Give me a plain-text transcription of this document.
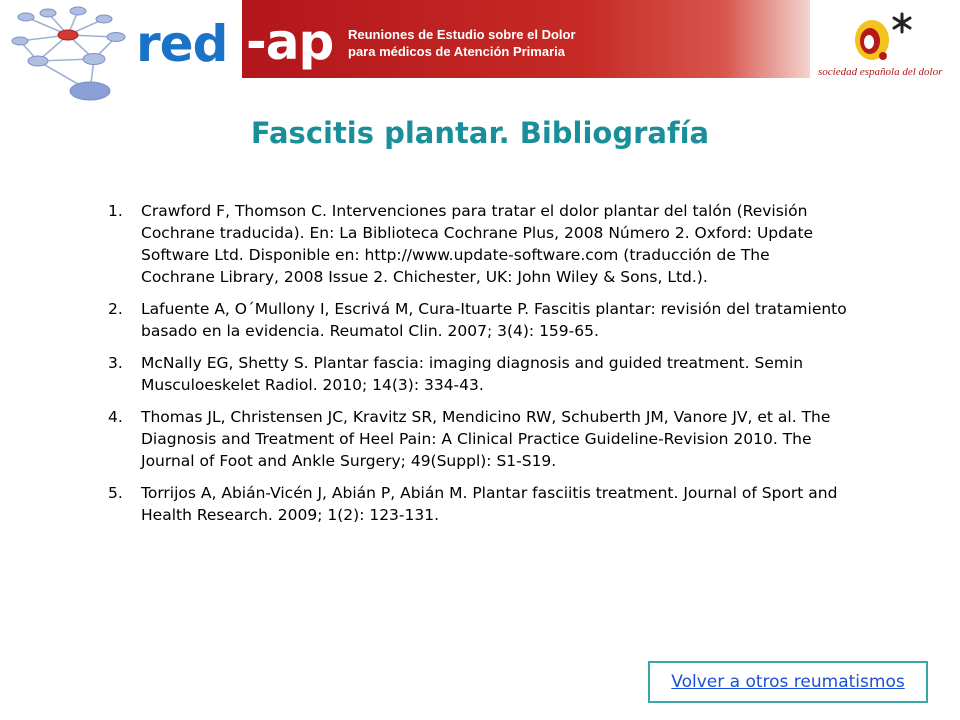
red -ap Reuniones de Estudio sobre el Dolor
para médicos de Atención Primaria
sociedad española del dolor
Fascitis plantar. Bibliografía
1. Crawford F, Thomson C. Intervenciones para tratar el dolor plantar del talón (Revisión Cochrane traducida). En: La Biblioteca Cochrane Plus, 2008 Número 2. Oxford: Update Software Ltd. Disponible en: http://www.update-software.com (traducción de The Cochrane Library, 2008 Issue 2. Chichester, UK: John Wiley & Sons, Ltd.).
2. Lafuente A, O´Mullony I, Escrivá M, Cura-Ituarte P. Fascitis plantar: revisión del tratamiento basado en la evidencia. Reumatol Clin. 2007; 3(4): 159-65.
3. McNally EG, Shetty S. Plantar fascia: imaging diagnosis and guided treatment. Semin Musculoeskelet Radiol. 2010; 14(3): 334-43.
4. Thomas JL, Christensen JC, Kravitz SR, Mendicino RW, Schuberth JM, Vanore JV, et al. The Diagnosis and Treatment of Heel Pain: A Clinical Practice Guideline-Revision 2010. The Journal of Foot and Ankle Surgery; 49(Suppl): S1-S19.
5. Torrijos A, Abián-Vicén J, Abián P, Abián M. Plantar fasciitis treatment. Journal of Sport and Health Research. 2009; 1(2): 123-131.
Volver a otros reumatismos
